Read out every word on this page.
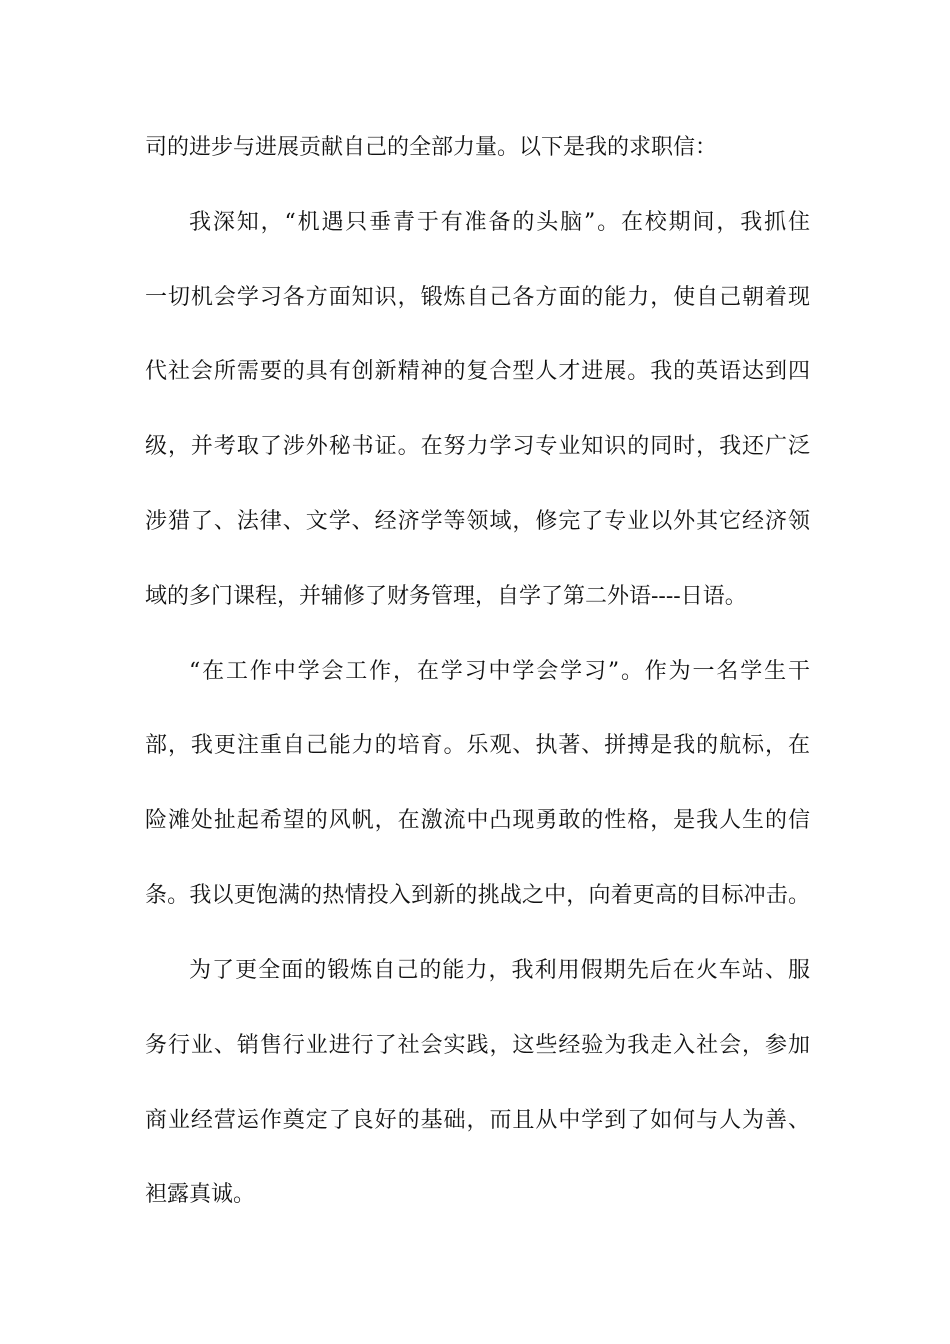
司的进步与进展贡献自己的全部力量。以下是我的求职信：
我深知，“机遇只垂青于有准备的头脑”。在校期间，我抓住
一切机会学习各方面知识，锻炼自己各方面的能力，使自己朝着现
代社会所需要的具有创新精神的复合型人才进展。我的英语达到四
级，并考取了涉外秘书证。在努力学习专业知识的同时，我还广泛
涉猎了、法律、文学、经济学等领域，修完了专业以外其它经济领
域的多门课程，并辅修了财务管理，自学了第二外语----日语。
“在工作中学会工作，在学习中学会学习”。作为一名学生干
部，我更注重自己能力的培育。乐观、执著、拼搏是我的航标，在
险滩处扯起希望的风帆，在激流中凸现勇敢的性格，是我人生的信
条。我以更饱满的热情投入到新的挑战之中，向着更高的目标冲击。
为了更全面的锻炼自己的能力，我利用假期先后在火车站、服
务行业、销售行业进行了社会实践，这些经验为我走入社会，参加
商业经营运作奠定了良好的基础，而且从中学到了如何与人为善、
袒露真诚。
